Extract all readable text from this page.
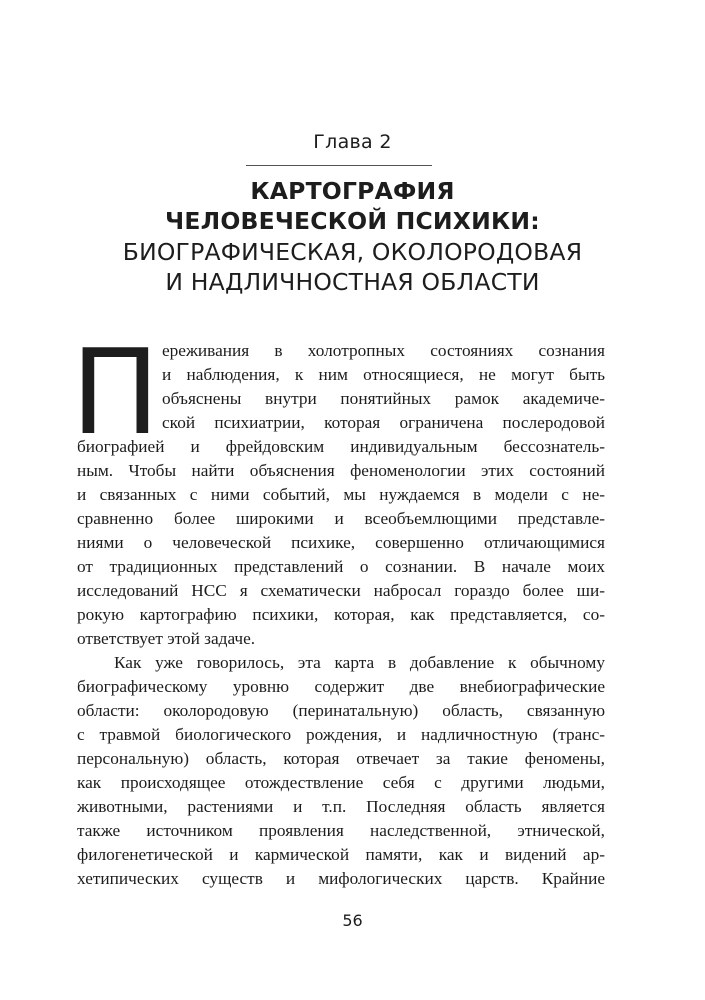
Глава 2
КАРТОГРАФИЯ
ЧЕЛОВЕЧЕСКОЙ ПСИХИКИ:
БИОГРАФИЧЕСКАЯ, ОКОЛОРОДОВАЯ
И НАДЛИЧНОСТНАЯ ОБЛАСТИ
П ереживания в холотропных состояниях сознания
и наблюдения, к ним относящиеся, не могут быть
объяснены внутри понятийных рамок академиче-
ской психиатрии, которая ограничена послеродовой
биографией и фрейдовским индивидуальным бессознатель-
ным. Чтобы найти объяснения феноменологии этих состояний
и связанных с ними событий, мы нуждаемся в модели с не-
сравненно более широкими и всеобъемлющими представле-
ниями о человеческой психике, совершенно отличающимися
от традиционных представлений о сознании. В начале моих
исследований НСС я схематически набросал гораздо более ши-
рокую картографию психики, которая, как представляется, со-
ответствует этой задаче.
Как уже говорилось, эта карта в добавление к обычному
биографическому уровню содержит две внебиографические
области: околородовую (перинатальную) область, связанную
с травмой биологического рождения, и надличностную (транс-
персональную) область, которая отвечает за такие феномены,
как происходящее отождествление себя с другими людьми,
животными, растениями и т.п. Последняя область является
также источником проявления наследственной, этнической,
филогенетической и кармической памяти, как и видений ар-
хетипических существ и мифологических царств. Крайние
56
